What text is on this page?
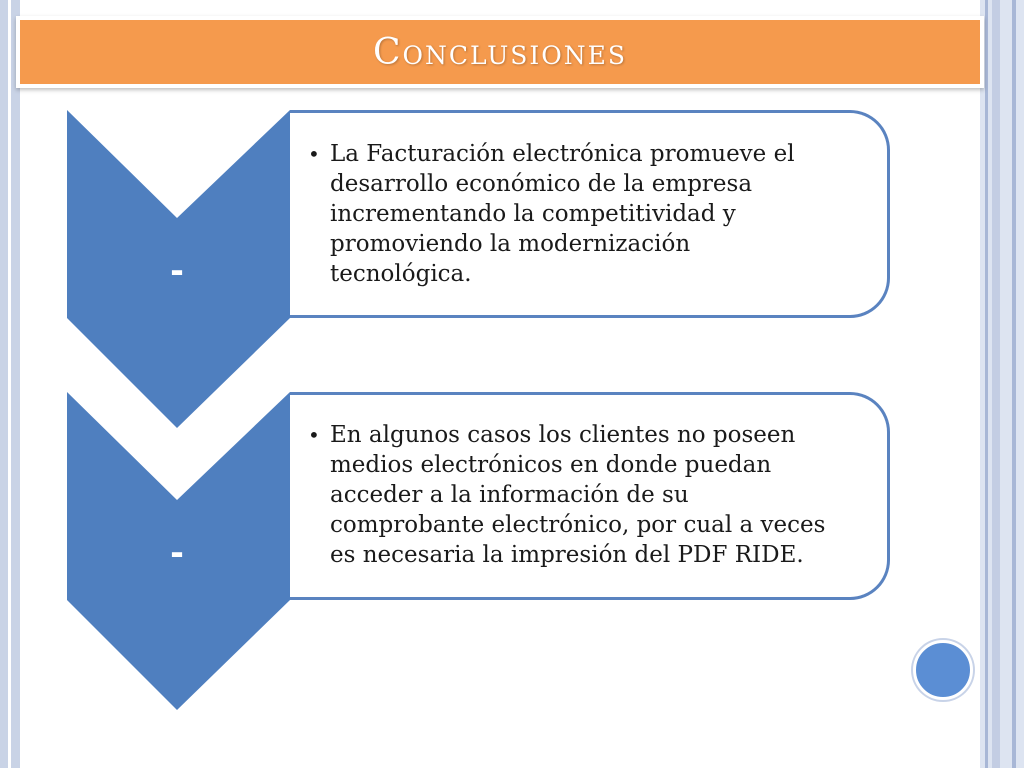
Conclusiones
• La Facturación electrónica promueve el
desarrollo económico de la empresa
incrementando la competitividad y
promoviendo la modernización
tecnológica.
• En algunos casos los clientes no poseen
medios electrónicos en donde puedan
acceder a la información de su
comprobante electrónico, por cual a veces
es necesaria la impresión del PDF RIDE.
-
-
